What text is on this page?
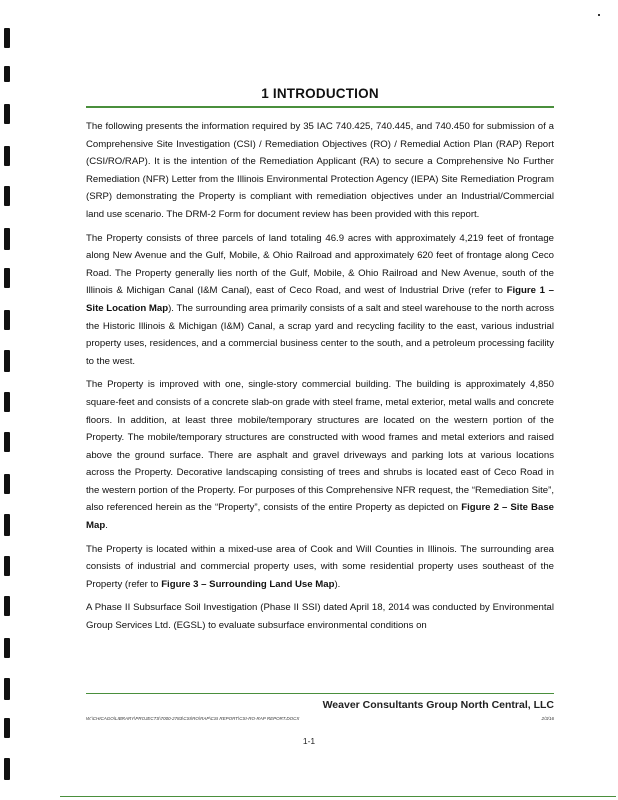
1 INTRODUCTION

The following presents the information required by 35 IAC 740.425, 740.445, and 740.450 for submission of a Comprehensive Site Investigation (CSI) / Remediation Objectives (RO) / Remedial Action Plan (RAP) Report (CSI/RO/RAP). It is the intention of the Remediation Applicant (RA) to secure a Comprehensive No Further Remediation (NFR) Letter from the Illinois Environmental Protection Agency (IEPA) Site Remediation Program (SRP) demonstrating the Property is compliant with remediation objectives under an Industrial/Commercial land use scenario. The DRM-2 Form for document review has been provided with this report.

The Property consists of three parcels of land totaling 46.9 acres with approximately 4,219 feet of frontage along New Avenue and the Gulf, Mobile, & Ohio Railroad and approximately 620 feet of frontage along Ceco Road. The Property generally lies north of the Gulf, Mobile, & Ohio Railroad and New Avenue, south of the Illinois & Michigan Canal (I&M Canal), east of Ceco Road, and west of Industrial Drive (refer to Figure 1 – Site Location Map). The surrounding area primarily consists of a salt and steel warehouse to the north across the Historic Illinois & Michigan (I&M) Canal, a scrap yard and recycling facility to the east, various industrial property uses, residences, and a commercial business center to the south, and a petroleum processing facility to the west.

The Property is improved with one, single-story commercial building. The building is approximately 4,850 square-feet and consists of a concrete slab-on grade with steel frame, metal exterior, metal walls and concrete floors. In addition, at least three mobile/temporary structures are located on the western portion of the Property. The mobile/temporary structures are constructed with wood frames and metal exteriors and raised above the ground surface. There are asphalt and gravel driveways and parking lots at various locations across the Property. Decorative landscaping consisting of trees and shrubs is located east of Ceco Road in the western portion of the Property. For purposes of this Comprehensive NFR request, the “Remediation Site”, also referenced herein as the “Property”, consists of the entire Property as depicted on Figure 2 – Site Base Map.

The Property is located within a mixed-use area of Cook and Will Counties in Illinois. The surrounding area consists of industrial and commercial property uses, with some residential property uses southeast of the Property (refer to Figure 3 – Surrounding Land Use Map).

A Phase II Subsurface Soil Investigation (Phase II SSI) dated April 18, 2014 was conducted by Environmental Group Services Ltd. (EGSL) to evaluate subsurface environmental conditions on

Weaver Consultants Group North Central, LLC
W:\CHICAGO\LIBRARY\PROJECTS\7000-2783\CSI\RO\RAP\CSI REPORT\CSI-RO-RAP REPORT.DOCX	2/3/16
1-1
